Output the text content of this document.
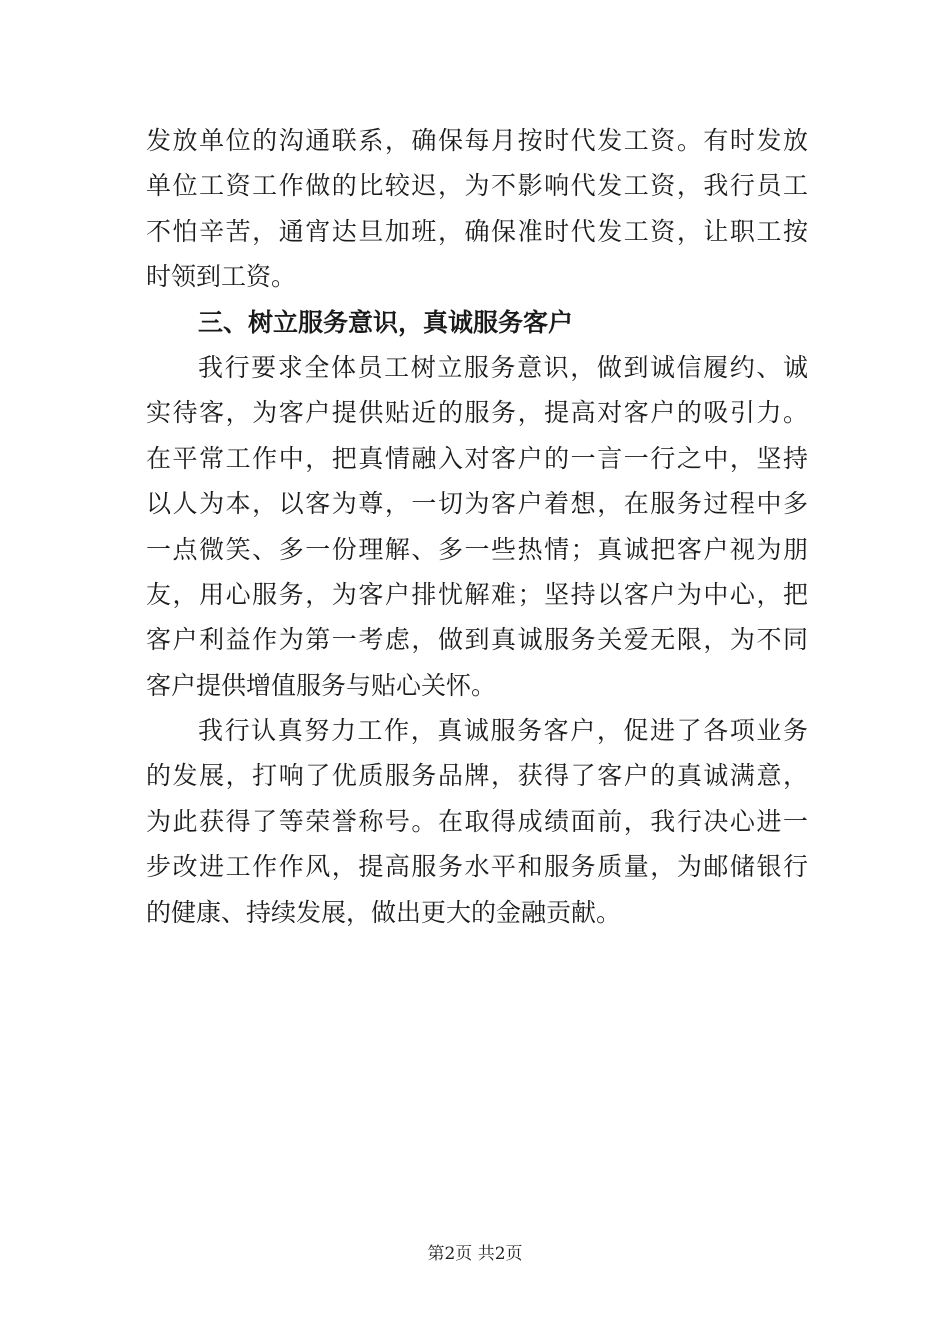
发放单位的沟通联系，确保每月按时代发工资。有时发放
单位工资工作做的比较迟，为不影响代发工资，我行员工
不怕辛苦，通宵达旦加班，确保准时代发工资，让职工按
时领到工资。
三、树立服务意识，真诚服务客户
我行要求全体员工树立服务意识，做到诚信履约、诚
实待客，为客户提供贴近的服务，提高对客户的吸引力。
在平常工作中，把真情融入对客户的一言一行之中，坚持
以人为本，以客为尊，一切为客户着想，在服务过程中多
一点微笑、多一份理解、多一些热情；真诚把客户视为朋
友，用心服务，为客户排忧解难；坚持以客户为中心，把
客户利益作为第一考虑，做到真诚服务关爱无限，为不同
客户提供增值服务与贴心关怀。
我行认真努力工作，真诚服务客户，促进了各项业务
的发展，打响了优质服务品牌，获得了客户的真诚满意，
为此获得了等荣誉称号。在取得成绩面前，我行决心进一
步改进工作作风，提高服务水平和服务质量，为邮储银行
的健康、持续发展，做出更大的金融贡献。
第2页 共2页
